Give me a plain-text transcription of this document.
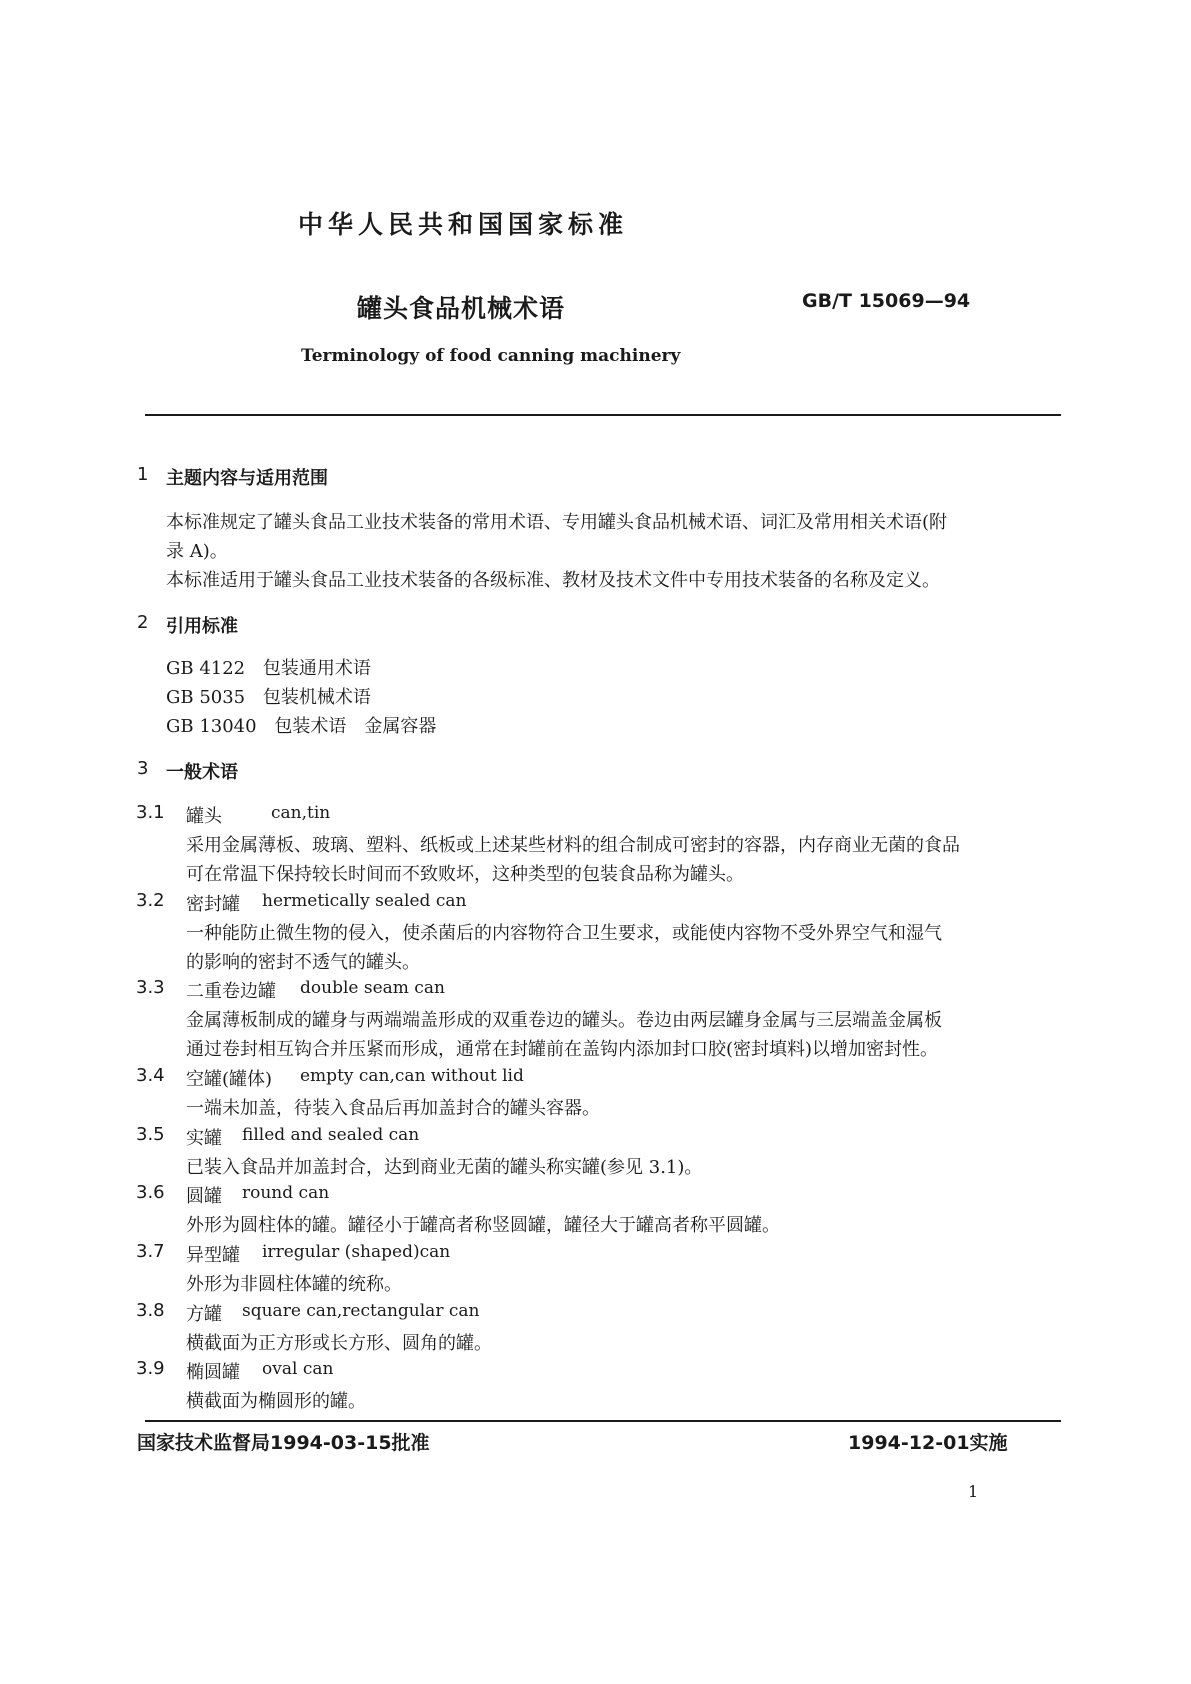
中华人民共和国国家标准
罐头食品机械术语	GB/T 15069—94
Terminology of food canning machinery
1 主题内容与适用范围
本标准规定了罐头食品工业技术装备的常用术语、专用罐头食品机械术语、词汇及常用相关术语(附
录 A)。
本标准适用于罐头食品工业技术装备的各级标准、教材及技术文件中专用技术装备的名称及定义。
2 引用标准
GB 4122 包装通用术语
GB 5035 包装机械术语
GB 13040 包装术语　金属容器
3 一般术语
3.1 罐头	can,tin
采用金属薄板、玻璃、塑料、纸板或上述某些材料的组合制成可密封的容器，内存商业无菌的食品
可在常温下保持较长时间而不致败坏，这种类型的包装食品称为罐头。
3.2 密封罐 hermetically sealed can
一种能防止微生物的侵入，使杀菌后的内容物符合卫生要求，或能使内容物不受外界空气和湿气
的影响的密封不透气的罐头。
3.3 二重卷边罐 double seam can
金属薄板制成的罐身与两端端盖形成的双重卷边的罐头。卷边由两层罐身金属与三层端盖金属板
通过卷封相互钩合并压紧而形成，通常在封罐前在盖钩内添加封口胶(密封填料)以增加密封性。
3.4 空罐(罐体) empty can,can without lid
一端未加盖，待装入食品后再加盖封合的罐头容器。
3.5 实罐 filled and sealed can
已装入食品并加盖封合，达到商业无菌的罐头称实罐(参见 3.1)。
3.6 圆罐 round can
外形为圆柱体的罐。罐径小于罐高者称竖圆罐，罐径大于罐高者称平圆罐。
3.7 异型罐 irregular (shaped)can
外形为非圆柱体罐的统称。
3.8 方罐 square can,rectangular can
横截面为正方形或长方形、圆角的罐。
3.9 椭圆罐 oval can
横截面为椭圆形的罐。
国家技术监督局1994-03-15批准	1994-12-01实施
1
